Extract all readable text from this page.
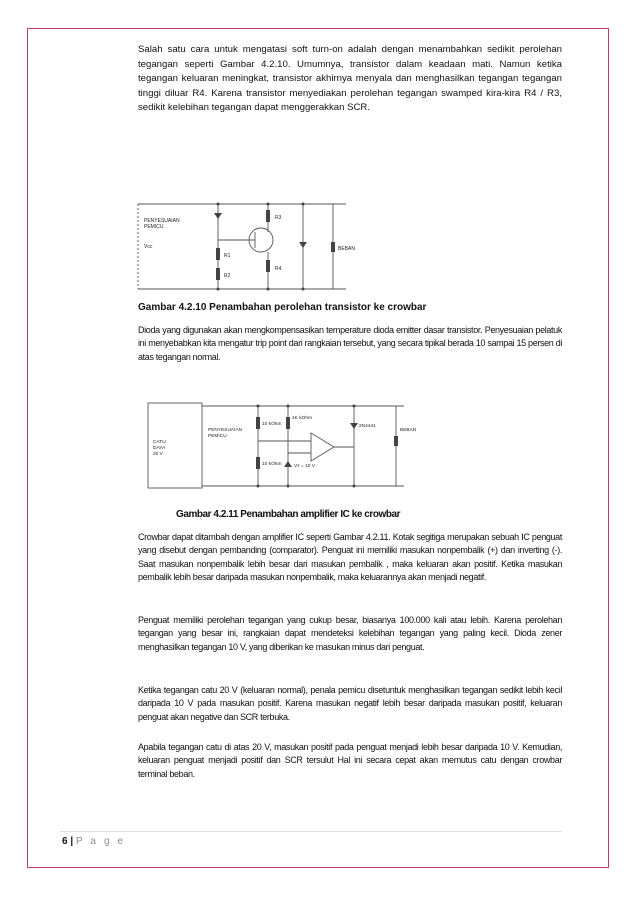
Salah satu cara untuk mengatasi soft turn-on adalah dengan menambahkan sedikit perolehan tegangan seperti Gambar 4.2.10. Umumnya, transistor dalam keadaan mati. Namun ketika tegangan keluaran meningkat, transistor akhirnya menyala dan menghasilkan tegangan tegangan tinggi diluar R4. Karena transistor menyediakan perolehan tegangan swamped kira-kira R4 / R3, sedikit kelebihan tegangan dapat menggerakkan SCR.

PENYESUAIAN
PEMICU
Vcc
R1
R2
R3
R4
BEBAN
Gambar 4.2.10 Penambahan perolehan transistor ke crowbar

Dioda yang digunakan akan mengkompensasikan temperature dioda emitter dasar transistor. Penyesuaian pelatuk ini menyebabkan kita mengatur trip point dari rangkaian tersebut, yang secara tipikal berada 10 sampai 15 persen di atas tegangan normal.

CATU
DAYA
20 V
PENYESUAIAN
PEMICU
10 kOhm
1K kOhm
10 kOhm	Vz = 10 V
2N4441
BEBAN
Gambar 4.2.11 Penambahan amplifier IC ke crowbar

Crowbar dapat ditambah dengan amplifier IC seperti Gambar 4.2.11. Kotak segitiga merupakan sebuah IC penguat yang disebut dengan pembanding (comparator). Penguat ini memiliki masukan nonpembalik (+) dan inverting (-). Saat masukan nonpembalik lebih besar dari masukan pembalik , maka keluaran akan positif. Ketika masukan pembalik lebih besar daripada masukan nonpembalik, maka keluarannya akan menjadi negatif.

Penguat memiliki perolehan tegangan yang cukup besar, biasanya 100.000 kali atau lebih. Karena perolehan tegangan yang besar ini, rangkaian dapat mendeteksi kelebihan tegangan yang paling kecil. Dioda zener menghasilkan tegangan 10 V, yang diberikan ke masukan minus dari penguat.

Ketika tegangan catu 20 V (keluaran normal), penala pemicu disetuntuk menghasilkan tegangan sedikit lebih kecil daripada 10 V pada masukan positif. Karena masukan negatif lebih besar daripada masukan positif, keluaran penguat akan negative dan SCR terbuka.

Apabila tegangan catu di atas 20 V, masukan positif pada penguat menjadi lebih besar daripada 10 V. Kemudian, keluaran penguat menjadi positif dan SCR tersulut Hal ini secara cepat akan memutus catu dengan crowbar terminal beban.

6 | P a g e
